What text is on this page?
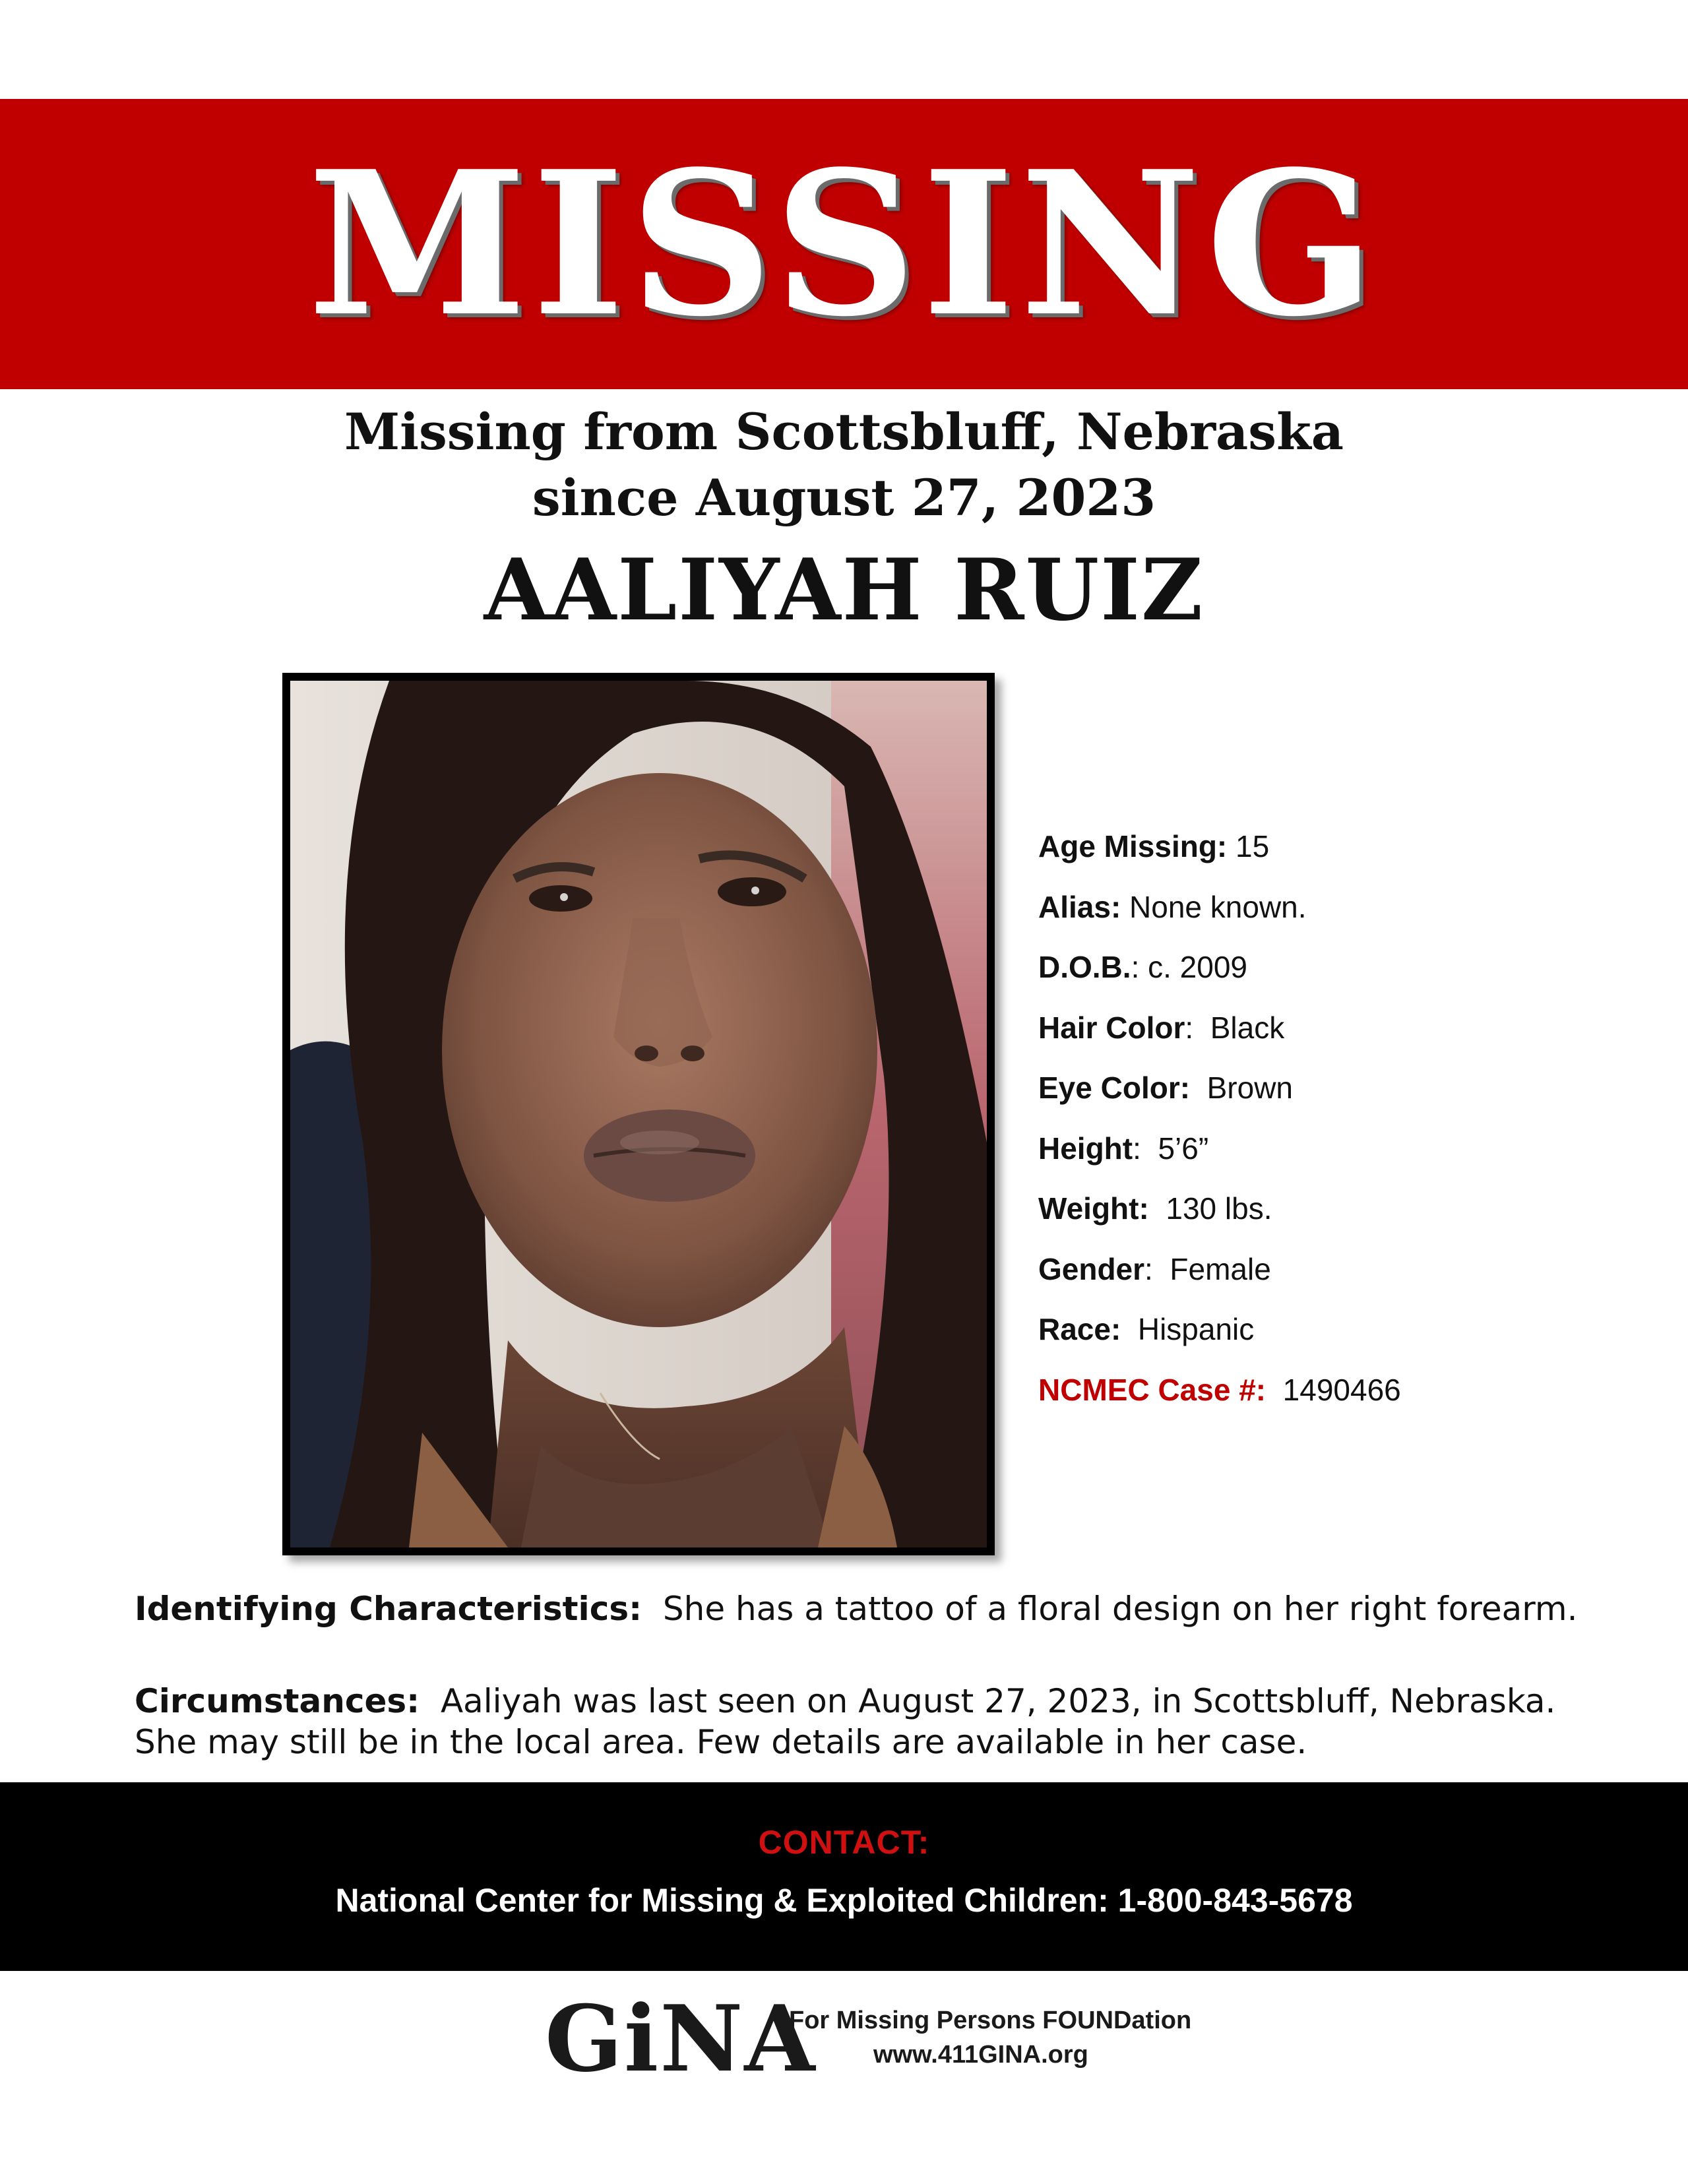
MISSING
Missing from Scottsbluff, Nebraska
since August 27, 2023
AALIYAH RUIZ
Age Missing: 15
Alias: None known.
D.O.B.: c. 2009
Hair Color: Black
Eye Color: Brown
Height: 5’6”
Weight: 130 lbs.
Gender: Female
Race: Hispanic
NCMEC Case #: 1490466
Identifying Characteristics: She has a tattoo of a floral design on her right forearm.
Circumstances: Aaliyah was last seen on August 27, 2023, in Scottsbluff, Nebraska. She may still be in the local area. Few details are available in her case.
CONTACT:
National Center for Missing & Exploited Children: 1-800-843-5678
GiNA
For Missing Persons FOUNDation
www.411GINA.org
